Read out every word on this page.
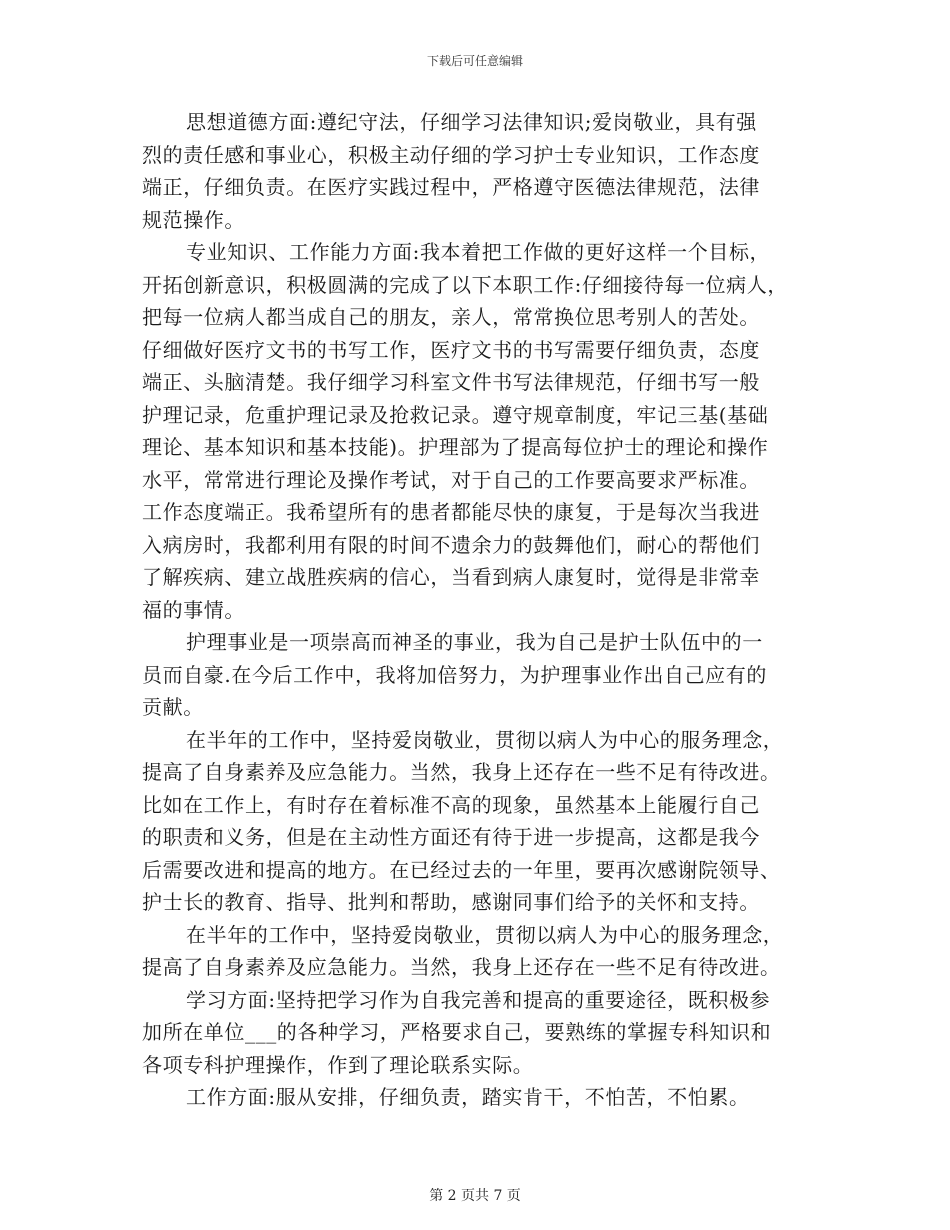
下载后可任意编辑
思想道德方面:遵纪守法，仔细学习法律知识;爱岗敬业，具有强
烈的责任感和事业心，积极主动仔细的学习护士专业知识，工作态度
端正，仔细负责。在医疗实践过程中，严格遵守医德法律规范，法律
规范操作。
专业知识、工作能力方面:我本着把工作做的更好这样一个目标，
开拓创新意识，积极圆满的完成了以下本职工作:仔细接待每一位病人，
把每一位病人都当成自己的朋友，亲人，常常换位思考别人的苦处。
仔细做好医疗文书的书写工作，医疗文书的书写需要仔细负责，态度
端正、头脑清楚。我仔细学习科室文件书写法律规范，仔细书写一般
护理记录，危重护理记录及抢救记录。遵守规章制度，牢记三基(基础
理论、基本知识和基本技能)。护理部为了提高每位护士的理论和操作
水平，常常进行理论及操作考试，对于自己的工作要高要求严标准。
工作态度端正。我希望所有的患者都能尽快的康复，于是每次当我进
入病房时，我都利用有限的时间不遗余力的鼓舞他们，耐心的帮他们
了解疾病、建立战胜疾病的信心，当看到病人康复时，觉得是非常幸
福的事情。
护理事业是一项崇高而神圣的事业，我为自己是护士队伍中的一
员而自豪.在今后工作中，我将加倍努力，为护理事业作出自己应有的
贡献。
在半年的工作中，坚持爱岗敬业，贯彻以病人为中心的服务理念，
提高了自身素养及应急能力。当然，我身上还存在一些不足有待改进。
比如在工作上，有时存在着标准不高的现象，虽然基本上能履行自己
的职责和义务，但是在主动性方面还有待于进一步提高，这都是我今
后需要改进和提高的地方。在已经过去的一年里，要再次感谢院领导、
护士长的教育、指导、批判和帮助，感谢同事们给予的关怀和支持。
在半年的工作中，坚持爱岗敬业，贯彻以病人为中心的服务理念，
提高了自身素养及应急能力。当然，我身上还存在一些不足有待改进。
学习方面:坚持把学习作为自我完善和提高的重要途径，既积极参
加所在单位___的各种学习，严格要求自己，要熟练的掌握专科知识和
各项专科护理操作，作到了理论联系实际。
工作方面:服从安排，仔细负责，踏实肯干，不怕苦，不怕累。
第 2 页共 7 页
